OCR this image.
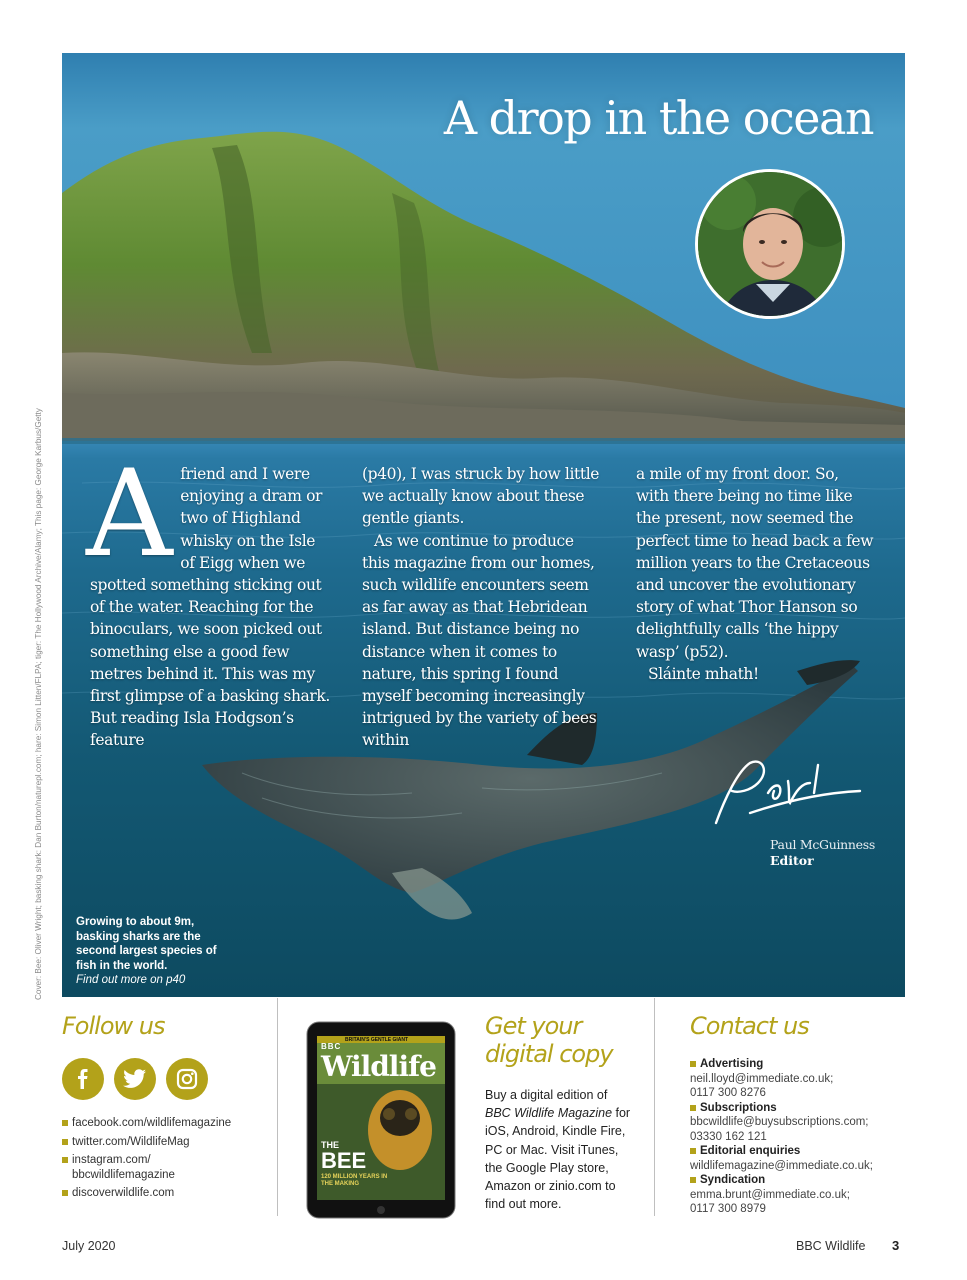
A drop in the ocean
A friend and I were enjoying a dram or two of Highland whisky on the Isle of Eigg when we spotted something sticking out of the water. Reaching for the binoculars, we soon picked out something else a good few metres behind it. This was my first glimpse of a basking shark. But reading Isla Hodgson’s feature

(p40), I was struck by how little we actually know about these gentle giants.

As we continue to produce this magazine from our homes, such wildlife encounters seem as far away as that Hebridean island. But distance being no distance when it comes to nature, this spring I found myself becoming increasingly intrigued by the variety of bees within

a mile of my front door. So, with there being no time like the present, now seemed the perfect time to head back a few million years to the Cretaceous and uncover the evolutionary story of what Thor Hanson so delightfully calls ‘the hippy wasp’ (p52).

Sláinte mhath!

Paul McGuinness
Editor
Growing to about 9m, basking sharks are the second largest species of fish in the world.
Find out more on p40
Cover: Bee: Oliver Wright; basking shark: Dan Burton/naturepl.com; hare: Simon Litten/FLPA; tiger: The Hollywood Archive/Alamy; This page: George Karbus/Getty
Follow us
facebook.com/wildlifemagazine
twitter.com/WildlifeMag
instagram.com/ bbcwildlifemagazine
discoverwildlife.com
BBC
BRITAIN'S GENTLE GIANT
Wildlife
THE
BEE
120 MILLION YEARS IN THE MAKING
Get your
digital copy
Buy a digital edition of BBC Wildlife Magazine for iOS, Android, Kindle Fire, PC or Mac. Visit iTunes, the Google Play store, Amazon or zinio.com to find out more.
Contact us
Advertising
neil.lloyd@immediate.co.uk;
0117 300 8276
Subscriptions
bbcwildlife@buysubscriptions.com;
03330 162 121
Editorial enquiries
wildlifemagazine@immediate.co.uk;
Syndication
emma.brunt@immediate.co.uk;
0117 300 8979
July 2020	BBC Wildlife 3
